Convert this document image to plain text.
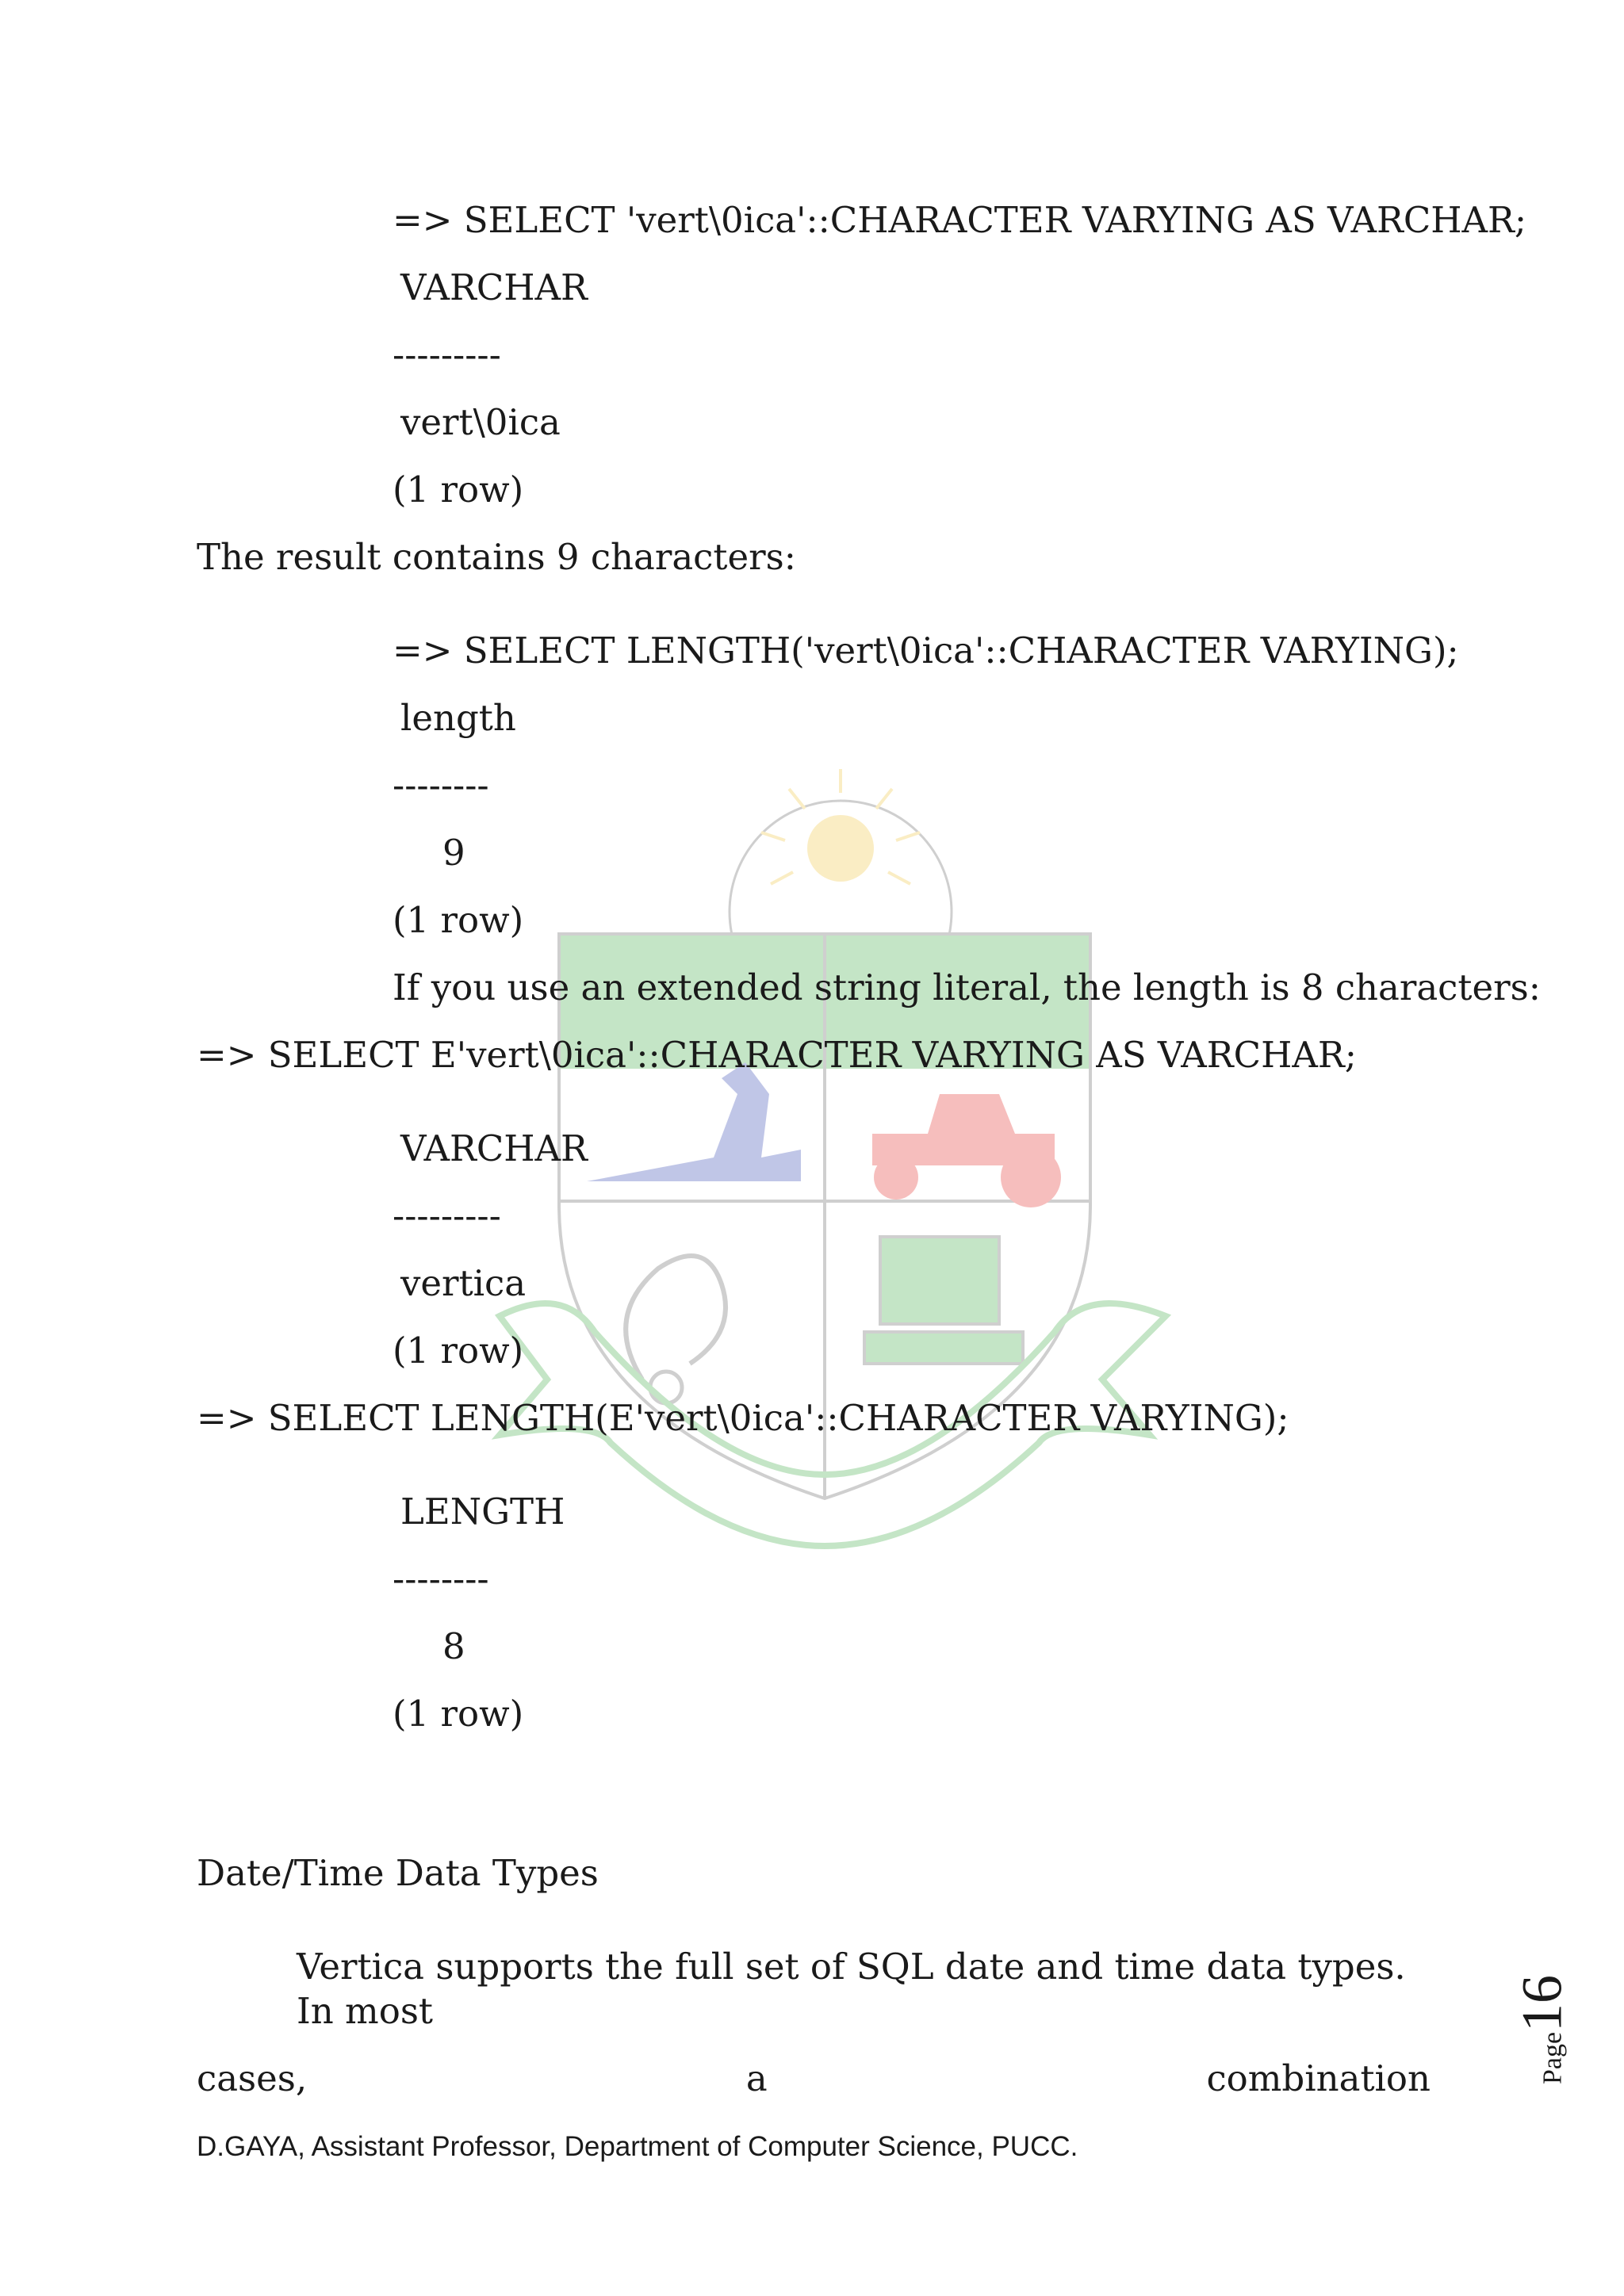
=> SELECT 'vert\0ica'::CHARACTER VARYING AS VARCHAR;
VARCHAR
---------
vert\0ica
(1 row)
The result contains 9 characters:
=> SELECT LENGTH('vert\0ica'::CHARACTER VARYING);
length
--------
9
(1 row)
If you use an extended string literal, the length is 8 characters:
=> SELECT E'vert\0ica'::CHARACTER VARYING AS VARCHAR;
VARCHAR
---------
vertica
(1 row)
=> SELECT LENGTH(E'vert\0ica'::CHARACTER VARYING);
LENGTH
--------
8
(1 row)
Date/Time Data Types
Vertica supports the full set of SQL date and time data types. In most
cases,	a	combination
D.GAYA, Assistant Professor, Department of Computer Science, PUCC.
Page16
